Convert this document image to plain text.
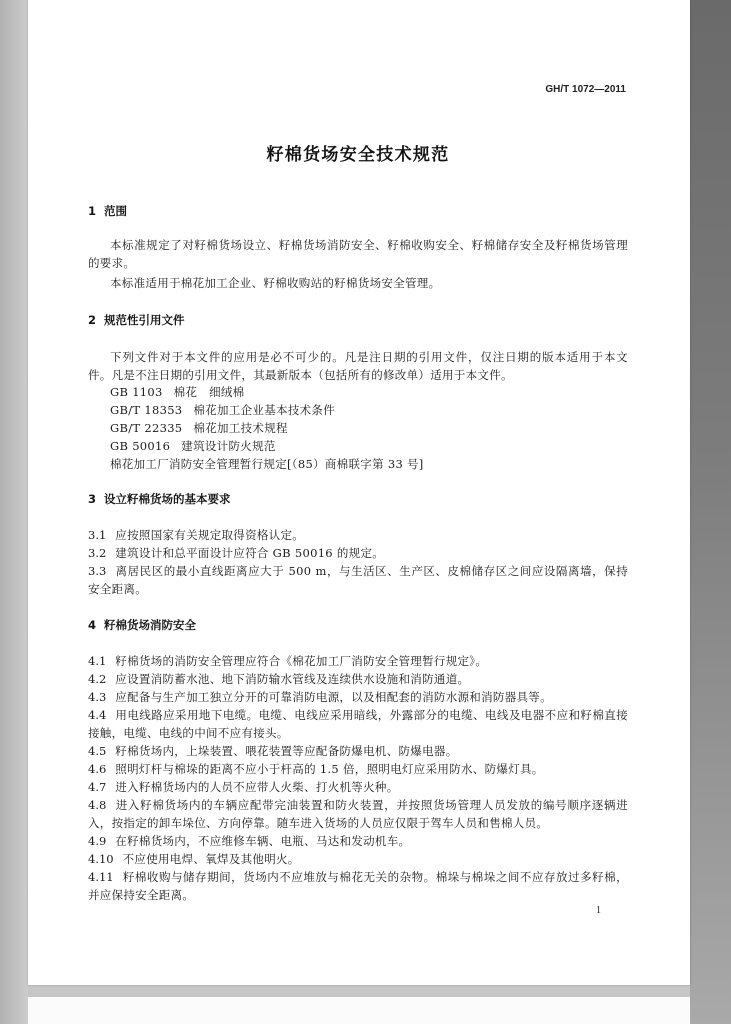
GH/T 1072—2011
籽棉货场安全技术规范
1 范围

本标准规定了对籽棉货场设立、籽棉货场消防安全、籽棉收购安全、籽棉储存安全及籽棉货场管理的要求。

本标准适用于棉花加工企业、籽棉收购站的籽棉货场安全管理。

2 规范性引用文件

下列文件对于本文件的应用是必不可少的。凡是注日期的引用文件，仅注日期的版本适用于本文件。凡是不注日期的引用文件，其最新版本（包括所有的修改单）适用于本文件。

GB 1103 棉花　细绒棉
GB/T 18353 棉花加工企业基本技术条件
GB/T 22335 棉花加工技术规程
GB 50016 建筑设计防火规范
棉花加工厂消防安全管理暂行规定[（85）商棉联字第 33 号]
3 设立籽棉货场的基本要求

3.1 应按照国家有关规定取得资格认定。

3.2 建筑设计和总平面设计应符合 GB 50016 的规定。

3.3 离居民区的最小直线距离应大于 500 m，与生活区、生产区、皮棉储存区之间应设隔离墙，保持安全距离。

4 籽棉货场消防安全

4.1 籽棉货场的消防安全管理应符合《棉花加工厂消防安全管理暂行规定》。

4.2 应设置消防蓄水池、地下消防输水管线及连续供水设施和消防通道。

4.3 应配备与生产加工独立分开的可靠消防电源，以及相配套的消防水源和消防器具等。

4.4 用电线路应采用地下电缆。电缆、电线应采用暗线，外露部分的电缆、电线及电器不应和籽棉直接接触，电缆、电线的中间不应有接头。

4.5 籽棉货场内，上垛装置、喂花装置等应配备防爆电机、防爆电器。

4.6 照明灯杆与棉垛的距离不应小于杆高的 1.5 倍，照明电灯应采用防水、防爆灯具。

4.7 进入籽棉货场内的人员不应带人火柴、打火机等火种。

4.8 进入籽棉货场内的车辆应配带完油装置和防火装置，并按照货场管理人员发放的编号顺序逐辆进入，按指定的卸车垛位、方向停靠。随车进入货场的人员应仅限于驾车人员和售棉人员。

4.9 在籽棉货场内，不应维修车辆、电瓶、马达和发动机车。

4.10 不应使用电焊、氧焊及其他明火。

4.11 籽棉收购与储存期间，货场内不应堆放与棉花无关的杂物。棉垛与棉垛之间不应存放过多籽棉，并应保持安全距离。

1
